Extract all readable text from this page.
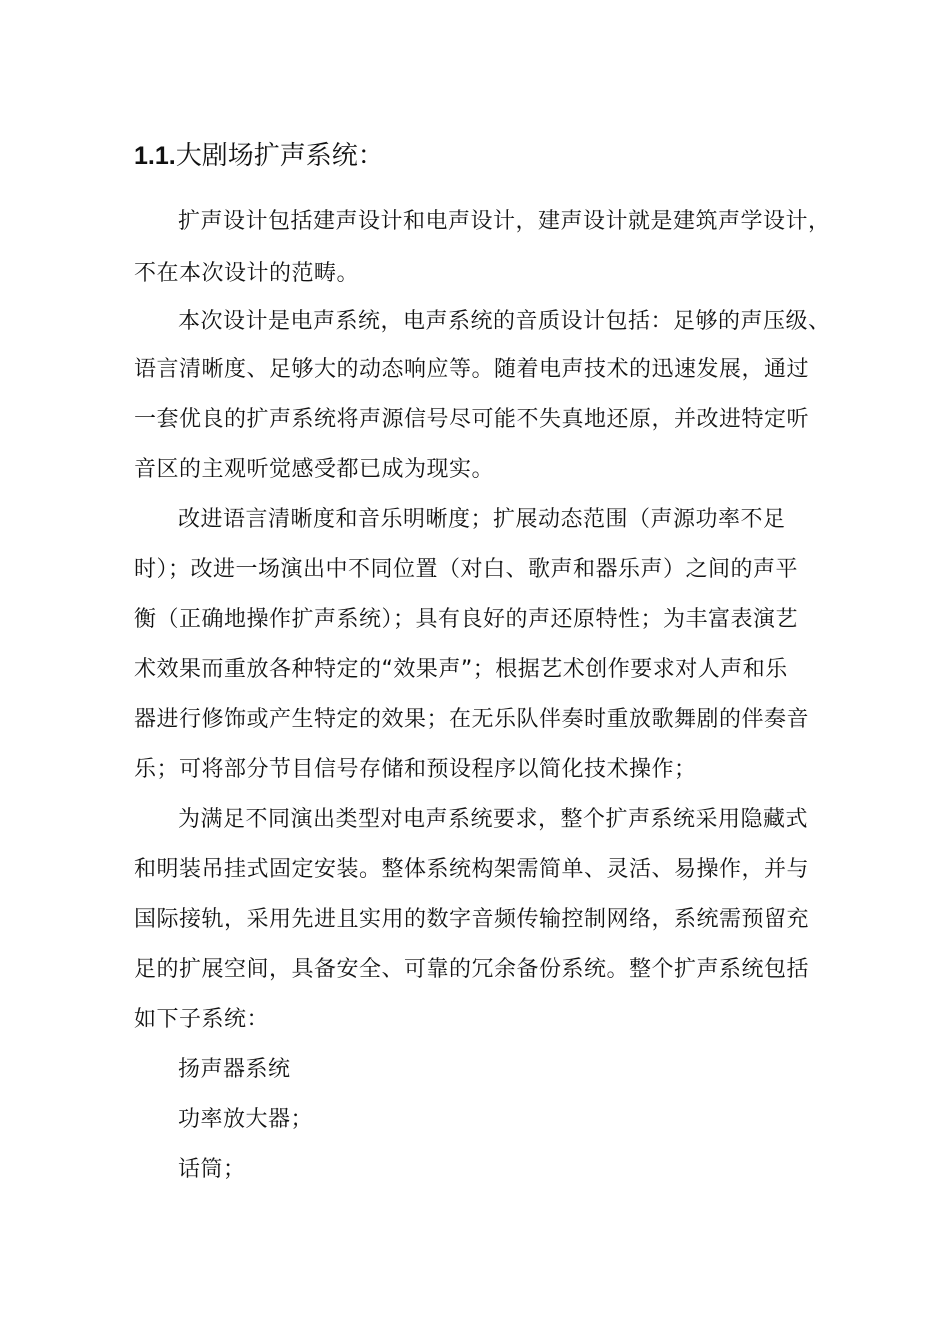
1.1.大剧场扩声系统：
扩声设计包括建声设计和电声设计，建声设计就是建筑声学设计，
不在本次设计的范畴。
本次设计是电声系统，电声系统的音质设计包括：足够的声压级、
语言清晰度、足够大的动态响应等。随着电声技术的迅速发展，通过
一套优良的扩声系统将声源信号尽可能不失真地还原，并改进特定听
音区的主观听觉感受都已成为现实。
改进语言清晰度和音乐明晰度；扩展动态范围（声源功率不足
时）；改进一场演出中不同位置（对白、歌声和器乐声）之间的声平
衡（正确地操作扩声系统）；具有良好的声还原特性；为丰富表演艺
术效果而重放各种特定的“效果声”；根据艺术创作要求对人声和乐
器进行修饰或产生特定的效果；在无乐队伴奏时重放歌舞剧的伴奏音
乐；可将部分节目信号存储和预设程序以简化技术操作；
为满足不同演出类型对电声系统要求，整个扩声系统采用隐藏式
和明装吊挂式固定安装。整体系统构架需简单、灵活、易操作，并与
国际接轨，采用先进且实用的数字音频传输控制网络，系统需预留充
足的扩展空间，具备安全、可靠的冗余备份系统。整个扩声系统包括
如下子系统：
扬声器系统
功率放大器；
话筒；
